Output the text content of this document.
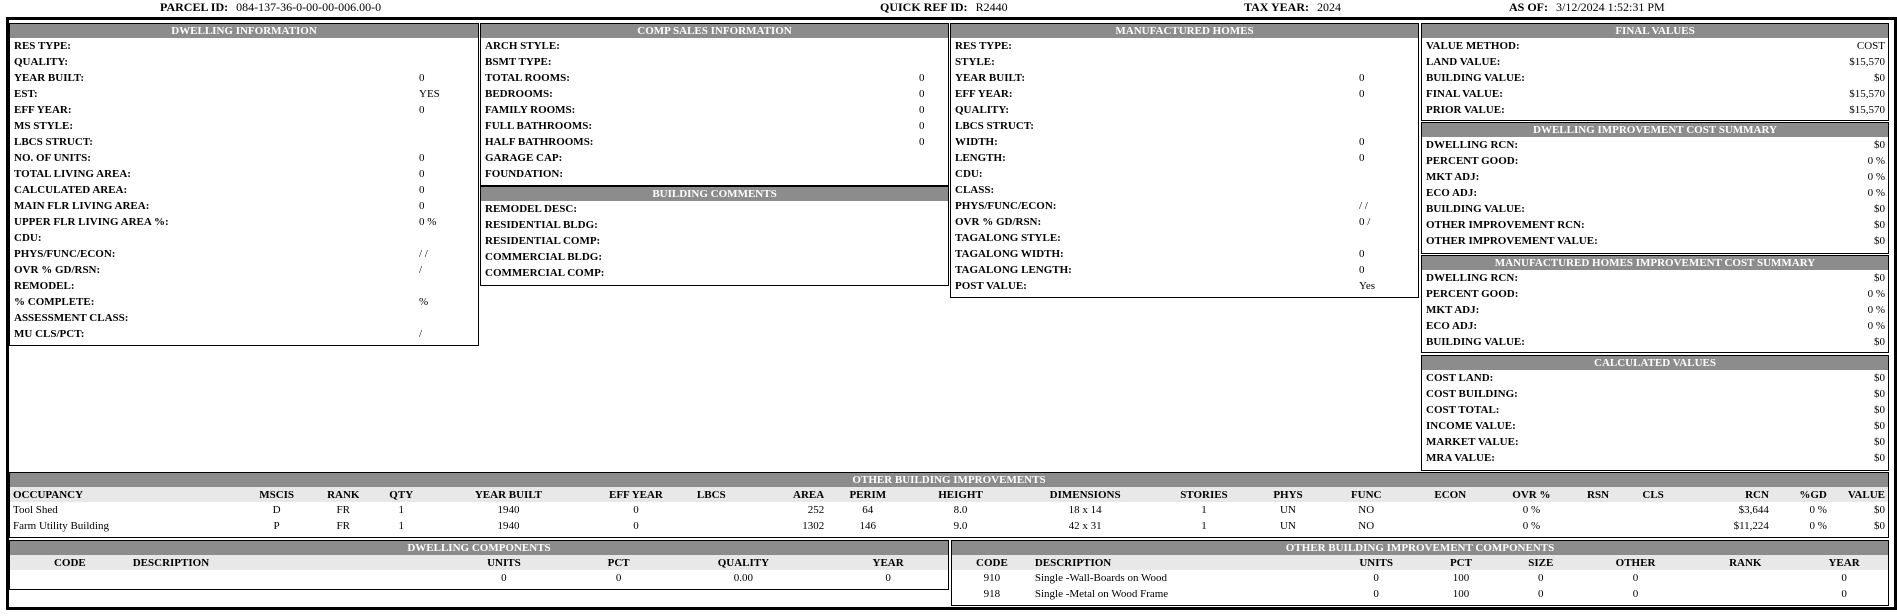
PARCEL ID: 084-137-36-0-00-00-006.00-0	QUICK REF ID: R2440	TAX YEAR: 2024	AS OF: 3/12/2024 1:52:31 PM
DWELLING INFORMATION
RES TYPE:
QUALITY:
YEAR BUILT:	0
EST:	YES
EFF YEAR:	0
MS STYLE:
LBCS STRUCT:
NO. OF UNITS:	0
TOTAL LIVING AREA:	0
CALCULATED AREA:	0
MAIN FLR LIVING AREA:	0
UPPER FLR LIVING AREA %:	0 %
CDU:
PHYS/FUNC/ECON:	/ /
OVR % GD/RSN:	/
REMODEL:
% COMPLETE:	%
ASSESSMENT CLASS:
MU CLS/PCT:	/
COMP SALES INFORMATION
ARCH STYLE:
BSMT TYPE:
TOTAL ROOMS:	0
BEDROOMS:	0
FAMILY ROOMS:	0
FULL BATHROOMS:	0
HALF BATHROOMS:	0
GARAGE CAP:
FOUNDATION:
BUILDING COMMENTS
REMODEL DESC:
RESIDENTIAL BLDG:
RESIDENTIAL COMP:
COMMERCIAL BLDG:
COMMERCIAL COMP:
MANUFACTURED HOMES
RES TYPE:
STYLE:
YEAR BUILT:	0
EFF YEAR:	0
QUALITY:
LBCS STRUCT:
WIDTH:	0
LENGTH:	0
CDU:
CLASS:
PHYS/FUNC/ECON:	/ /
OVR % GD/RSN:	0 /
TAGALONG STYLE:
TAGALONG WIDTH:	0
TAGALONG LENGTH:	0
POST VALUE:	Yes
FINAL VALUES
VALUE METHOD:	COST
LAND VALUE:	$15,570
BUILDING VALUE:	$0
FINAL VALUE:	$15,570
PRIOR VALUE:	$15,570
DWELLING IMPROVEMENT COST SUMMARY
DWELLING RCN:	$0
PERCENT GOOD:	0 %
MKT ADJ:	0 %
ECO ADJ:	0 %
BUILDING VALUE:	$0
OTHER IMPROVEMENT RCN:	$0
OTHER IMPROVEMENT VALUE:	$0
MANUFACTURED HOMES IMPROVEMENT COST SUMMARY
DWELLING RCN:	$0
PERCENT GOOD:	0 %
MKT ADJ:	0 %
ECO ADJ:	0 %
BUILDING VALUE:	$0
CALCULATED VALUES
COST LAND:	$0
COST BUILDING:	$0
COST TOTAL:	$0
INCOME VALUE:	$0
MARKET VALUE:	$0
MRA VALUE:	$0
OTHER BUILDING IMPROVEMENTS
OCCUPANCY	MSCIS	RANK	QTY	YEAR BUILT	EFF YEAR	LBCS	AREA	PERIM	HEIGHT	DIMENSIONS	STORIES	PHYS	FUNC	ECON	OVR %	RSN	CLS	RCN	%GD	VALUE
Tool Shed	D	FR	1	1940	0		252	64	8.0	18 x 14	1	UN	NO		0 %			$3,644	0 %	$0
Farm Utility Building	P	FR	1	1940	0		1302	146	9.0	42 x 31	1	UN	NO		0 %			$11,224	0 %	$0
DWELLING COMPONENTS
CODE	DESCRIPTION	UNITS	PCT	QUALITY	YEAR
		0	0	0.00	0
OTHER BUILDING IMPROVEMENT COMPONENTS
CODE	DESCRIPTION	UNITS	PCT	SIZE	OTHER	RANK	YEAR
910	Single -Wall-Boards on Wood	0	100	0	0		0
918	Single -Metal on Wood Frame	0	100	0	0		0
